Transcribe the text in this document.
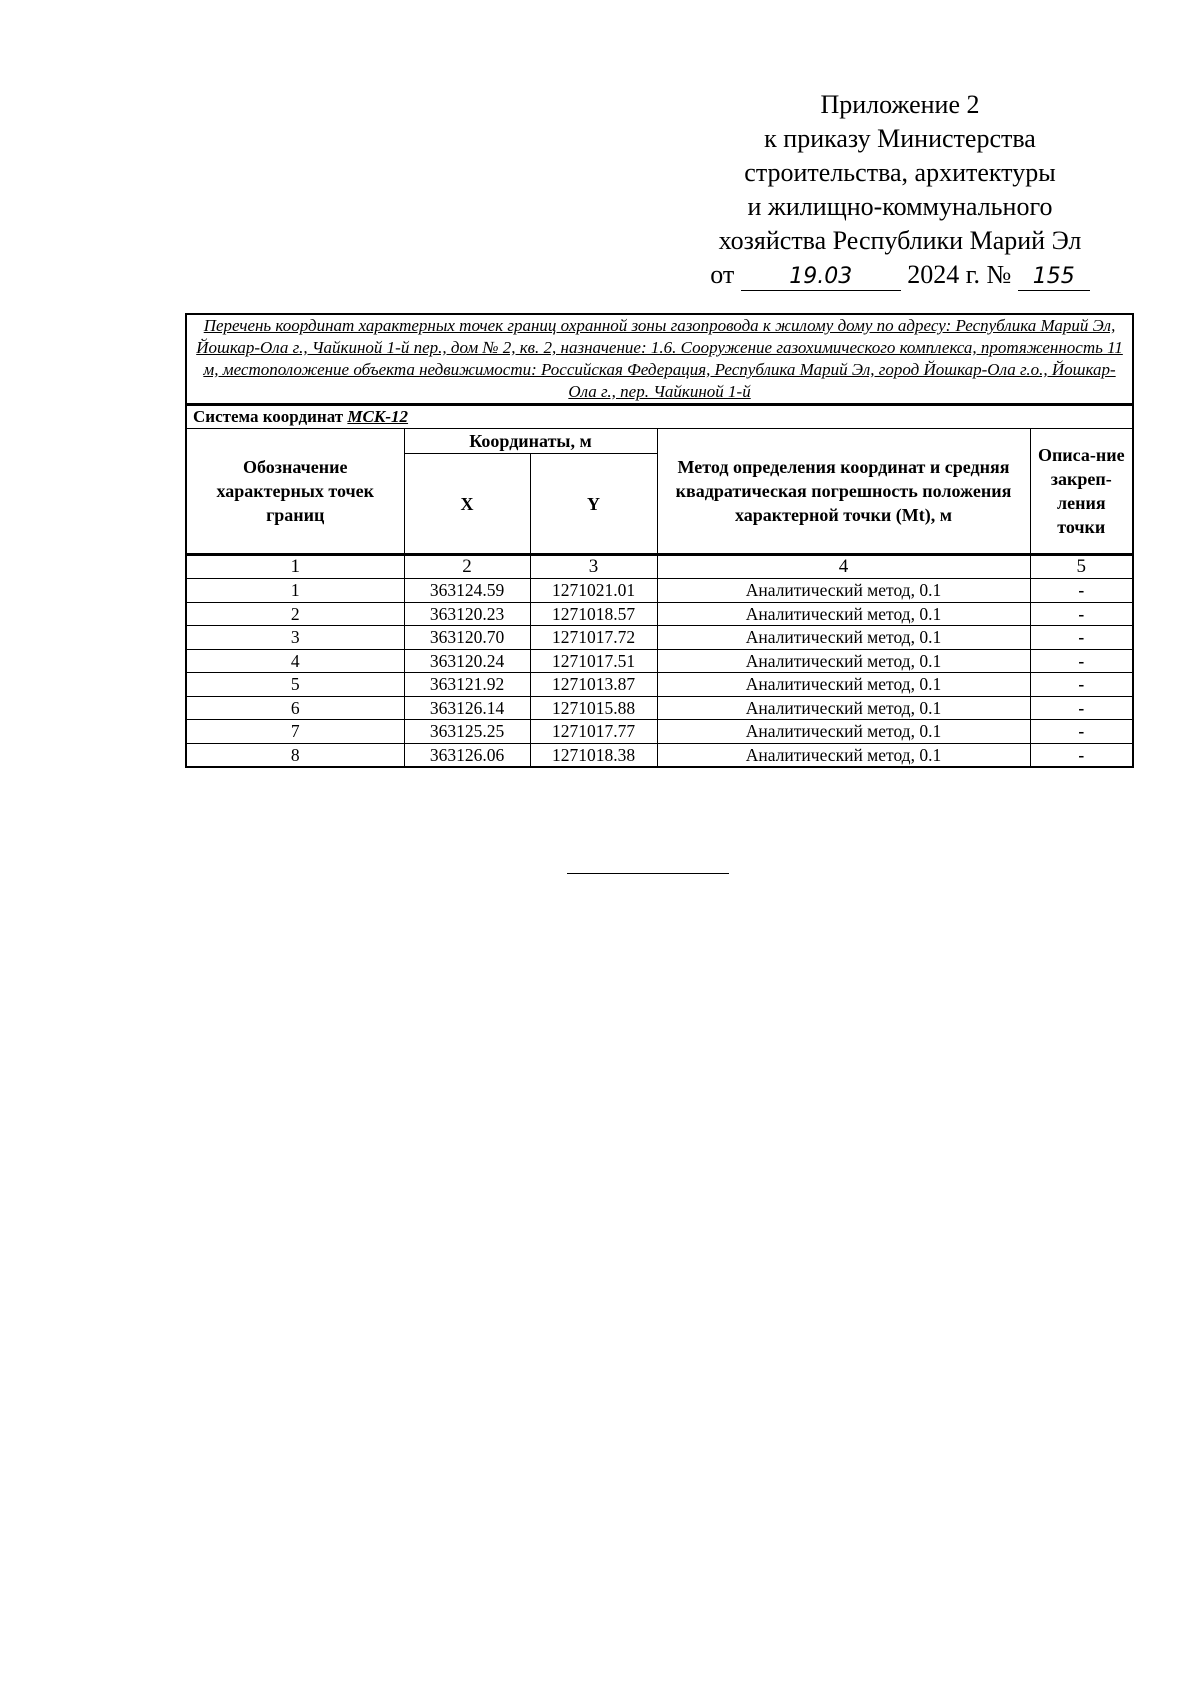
Приложение 2
к приказу Министерства
строительства, архитектуры
и жилищно-коммунального
хозяйства Республики Марий Эл
от	19.03 2024 г. № 155
Перечень координат характерных точек границ охранной зоны газопровода к жилому дому по адресу: Республика Марий Эл, Йошкар-Ола г., Чайкиной 1-й пер., дом № 2, кв. 2, назначение: 1.6. Сооружение газохимического комплекса, протяженность 11 м, местоположение объекта недвижимости: Российская Федерация, Республика Марий Эл, город Йошкар-Ола г.о., Йошкар-Ола г., пер. Чайкиной 1-й				
Система координат МСК-12				
Обозначение характерных точек границ	Координаты, м		Метод определения координат и средняя квадратическая погрешность положения характерной точки (Mt), м	Описа-ние закреп-ления точки
	X	Y		
1	2	3	4	5
1	363124.59	1271021.01	Аналитический метод, 0.1	-
2	363120.23	1271018.57	Аналитический метод, 0.1	-
3	363120.70	1271017.72	Аналитический метод, 0.1	-
4	363120.24	1271017.51	Аналитический метод, 0.1	-
5	363121.92	1271013.87	Аналитический метод, 0.1	-
6	363126.14	1271015.88	Аналитический метод, 0.1	-
7	363125.25	1271017.77	Аналитический метод, 0.1	-
8	363126.06	1271018.38	Аналитический метод, 0.1	-
